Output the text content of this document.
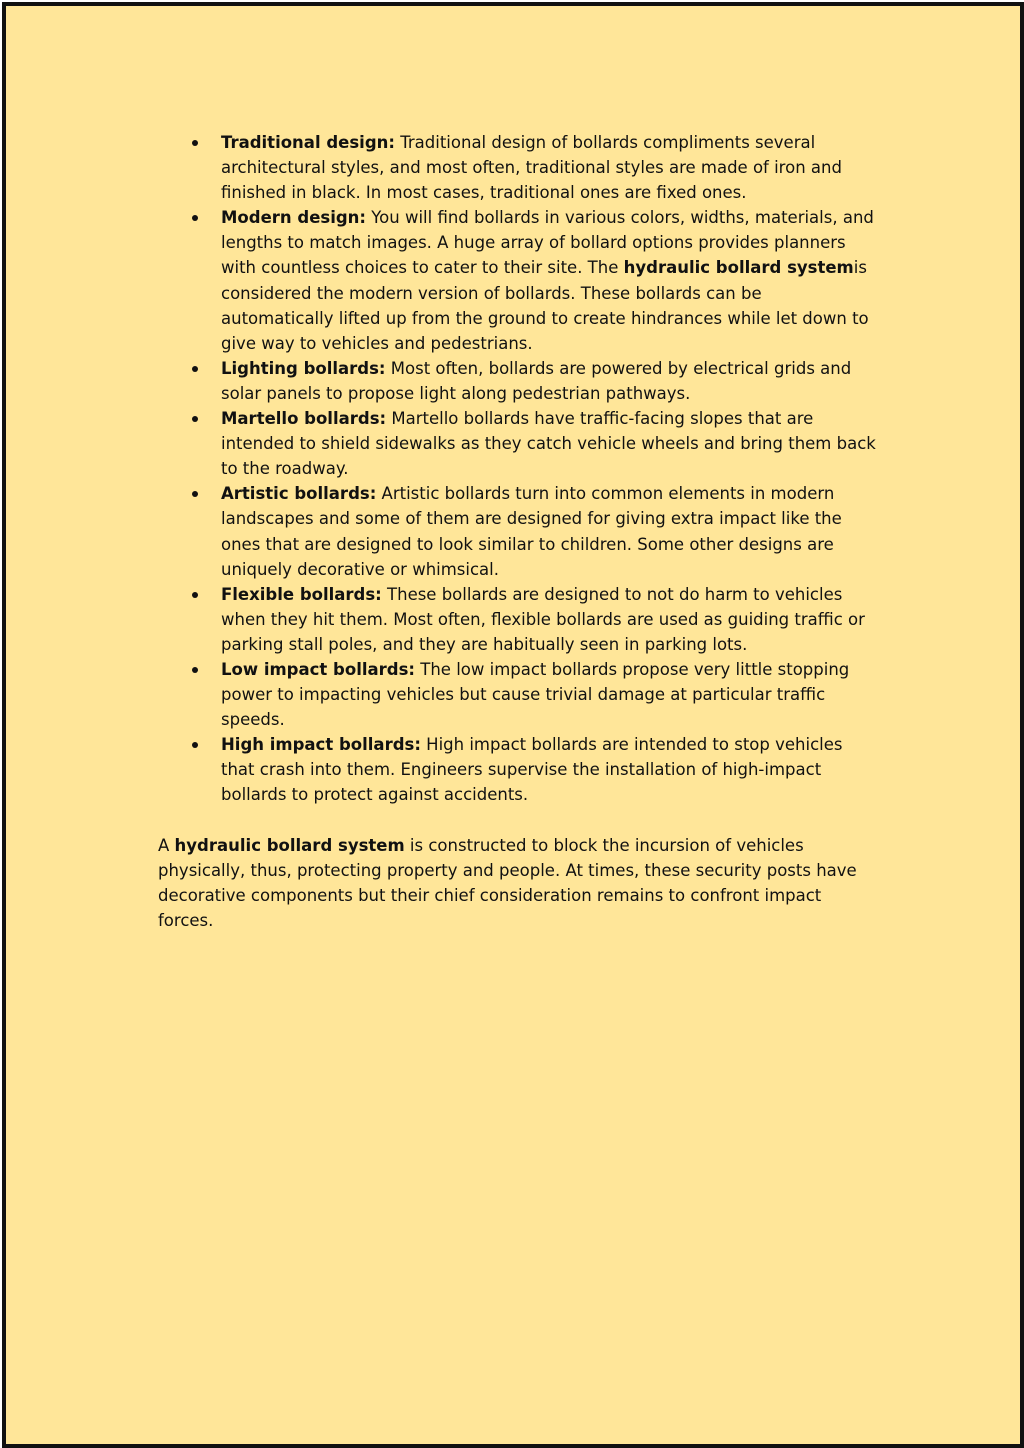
Traditional design: Traditional design of bollards compliments several architectural styles, and most often, traditional styles are made of iron and finished in black. In most cases, traditional ones are fixed ones.
Modern design: You will find bollards in various colors, widths, materials, and lengths to match images. A huge array of bollard options provides planners with countless choices to cater to their site. The hydraulic bollard systemis considered the modern version of bollards. These bollards can be automatically lifted up from the ground to create hindrances while let down to give way to vehicles and pedestrians.
Lighting bollards: Most often, bollards are powered by electrical grids and solar panels to propose light along pedestrian pathways.
Martello bollards: Martello bollards have traffic-facing slopes that are intended to shield sidewalks as they catch vehicle wheels and bring them back to the roadway.
Artistic bollards: Artistic bollards turn into common elements in modern landscapes and some of them are designed for giving extra impact like the ones that are designed to look similar to children. Some other designs are uniquely decorative or whimsical.
Flexible bollards: These bollards are designed to not do harm to vehicles when they hit them. Most often, flexible bollards are used as guiding traffic or parking stall poles, and they are habitually seen in parking lots.
Low impact bollards: The low impact bollards propose very little stopping power to impacting vehicles but cause trivial damage at particular traffic speeds.
High impact bollards: High impact bollards are intended to stop vehicles that crash into them. Engineers supervise the installation of high-impact bollards to protect against accidents.

A hydraulic bollard system is constructed to block the incursion of vehicles physically, thus, protecting property and people. At times, these security posts have decorative components but their chief consideration remains to confront impact forces.
